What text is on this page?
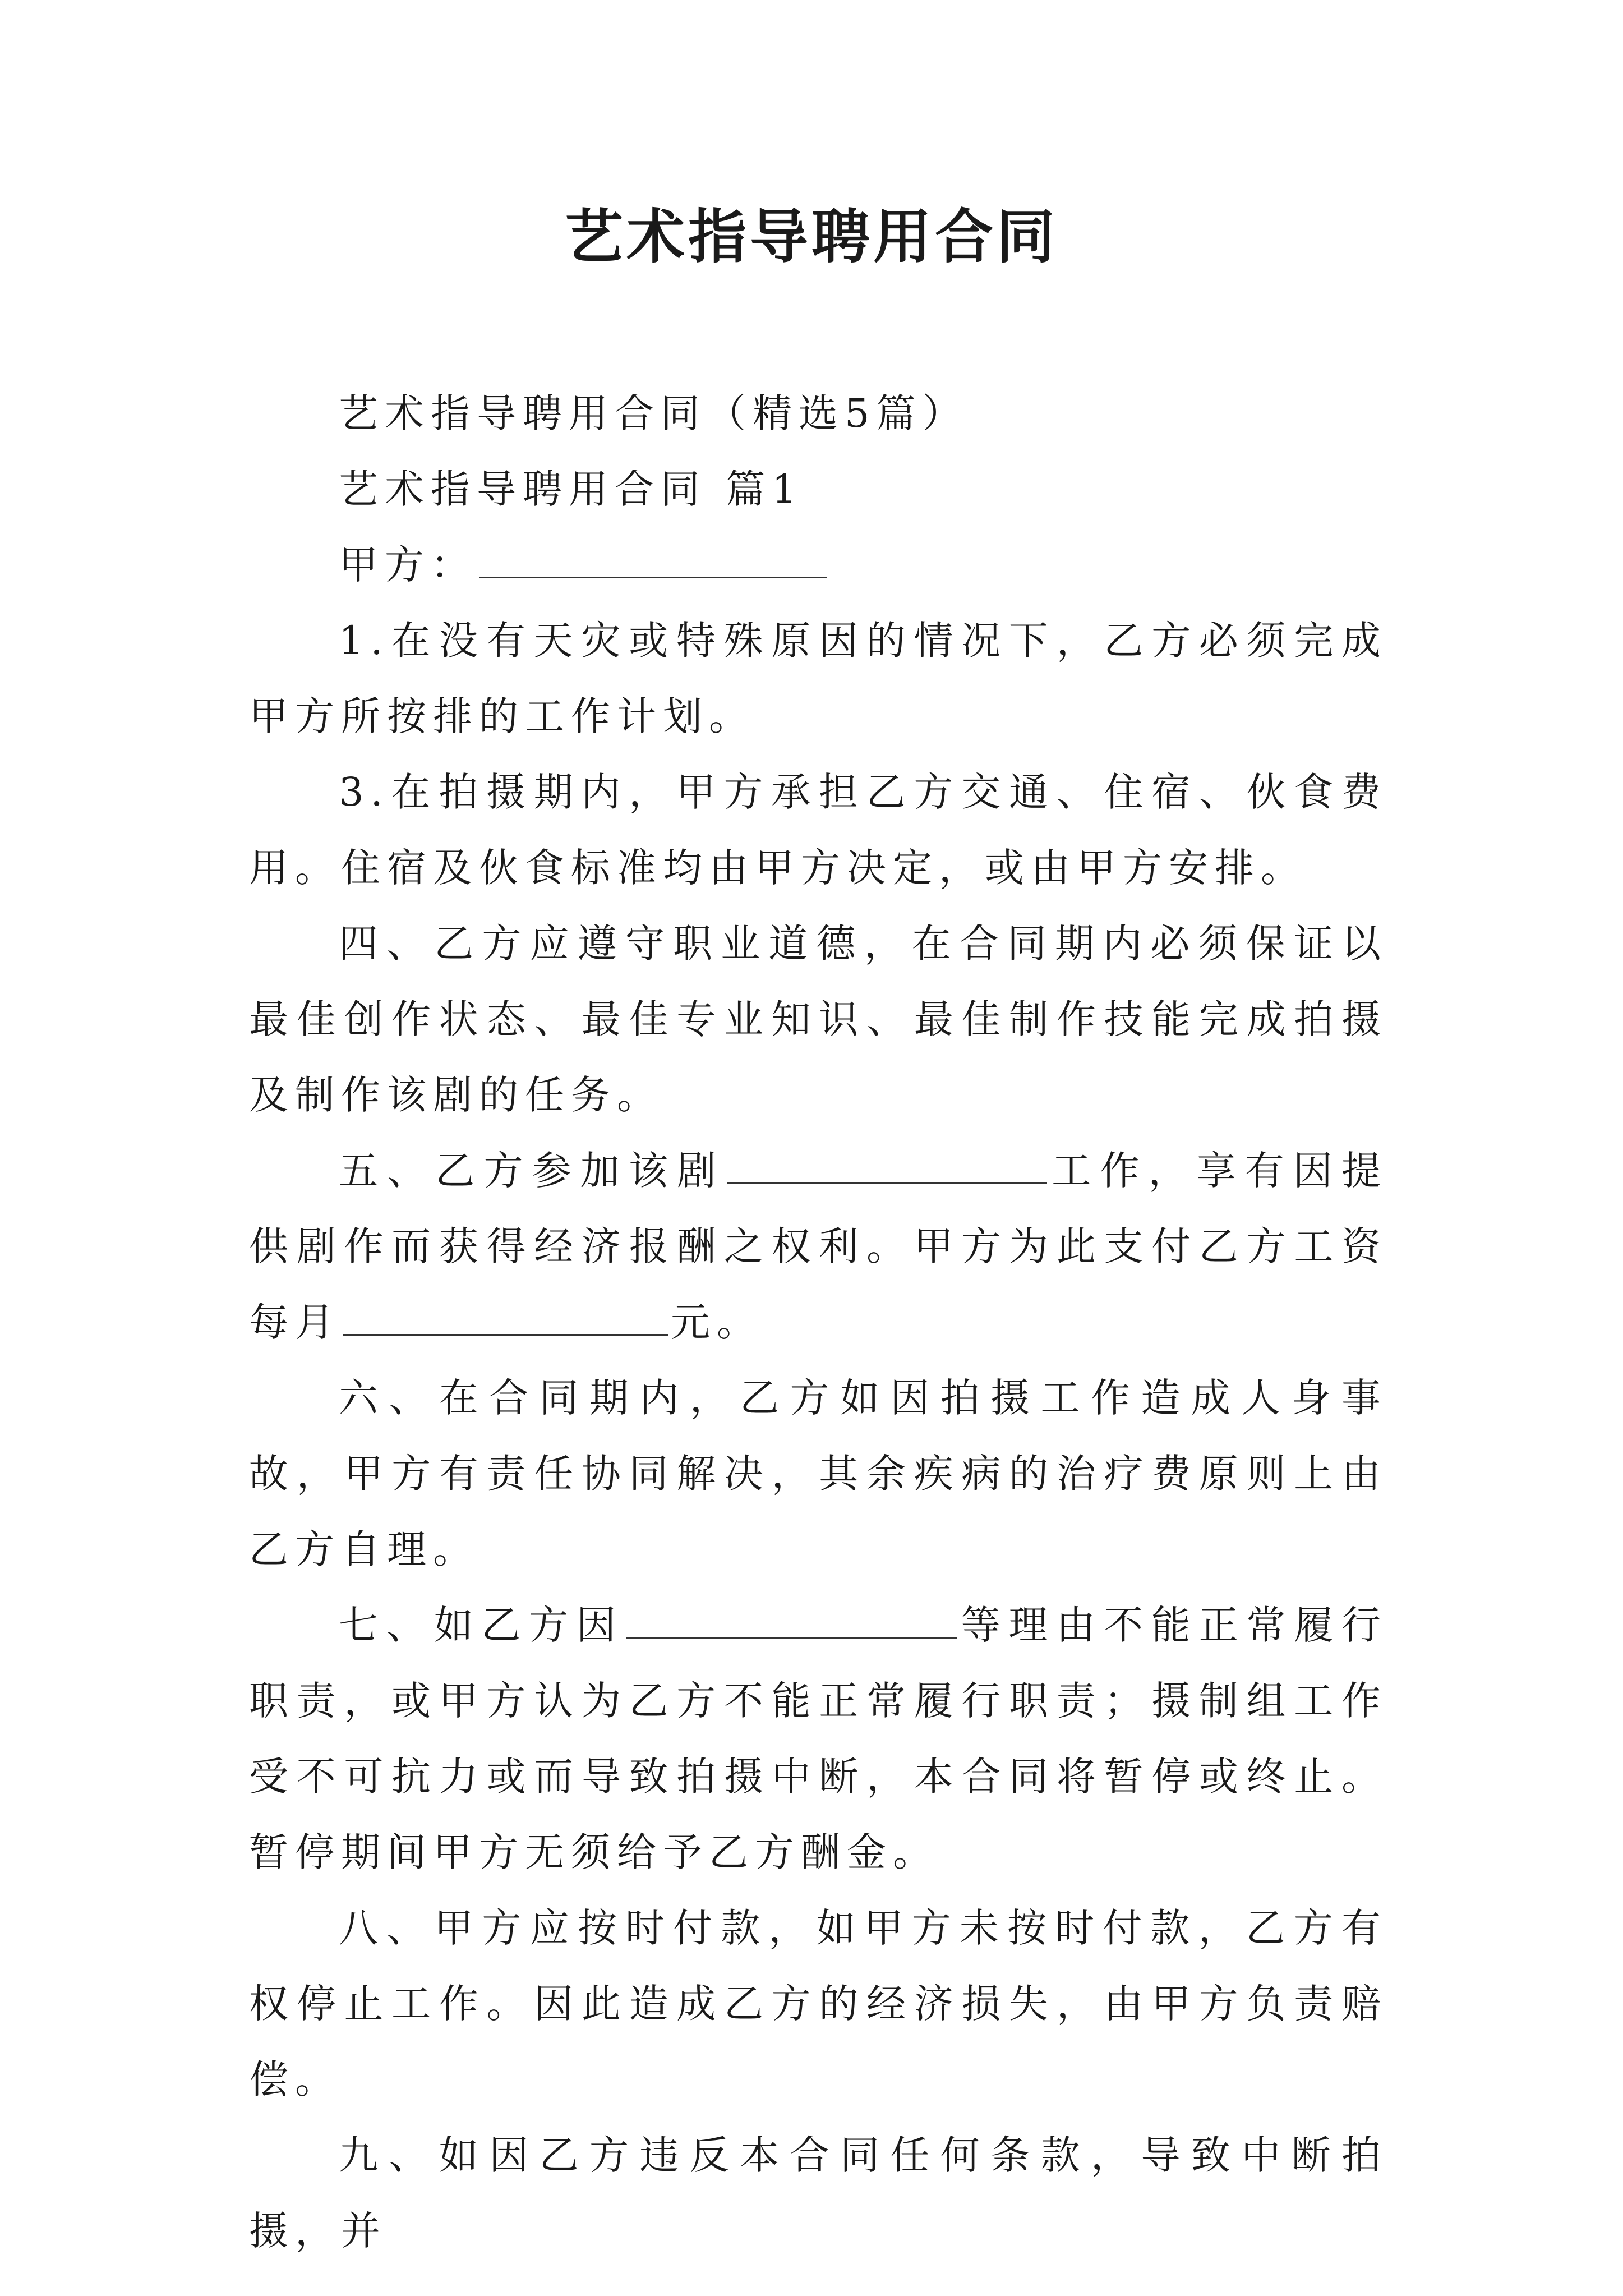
艺术指导聘用合同

艺术指导聘用合同（精选5篇）

艺术指导聘用合同 篇1

甲方：

1.在没有天灾或特殊原因的情况下，乙方必须完成甲方所按排的工作计划。

3.在拍摄期内，甲方承担乙方交通、住宿、伙食费用。住宿及伙食标准均由甲方决定，或由甲方安排。

四、乙方应遵守职业道德，在合同期内必须保证以最佳创作状态、最佳专业知识、最佳制作技能完成拍摄及制作该剧的任务。

五、乙方参加该剧	工作，享有因提供剧作而获得经济报酬之权利。甲方为此支付乙方工资每月	元。

六、在合同期内，乙方如因拍摄工作造成人身事故，甲方有责任协同解决，其余疾病的治疗费原则上由乙方自理。

七、如乙方因	等理由不能正常履行职责，或甲方认为乙方不能正常履行职责；摄制组工作受不可抗力或而导致拍摄中断，本合同将暂停或终止。暂停期间甲方无须给予乙方酬金。

八、甲方应按时付款，如甲方未按时付款，乙方有权停止工作。因此造成乙方的经济损失，由甲方负责赔偿。

九、如因乙方违反本合同任何条款，导致中断拍摄，并
